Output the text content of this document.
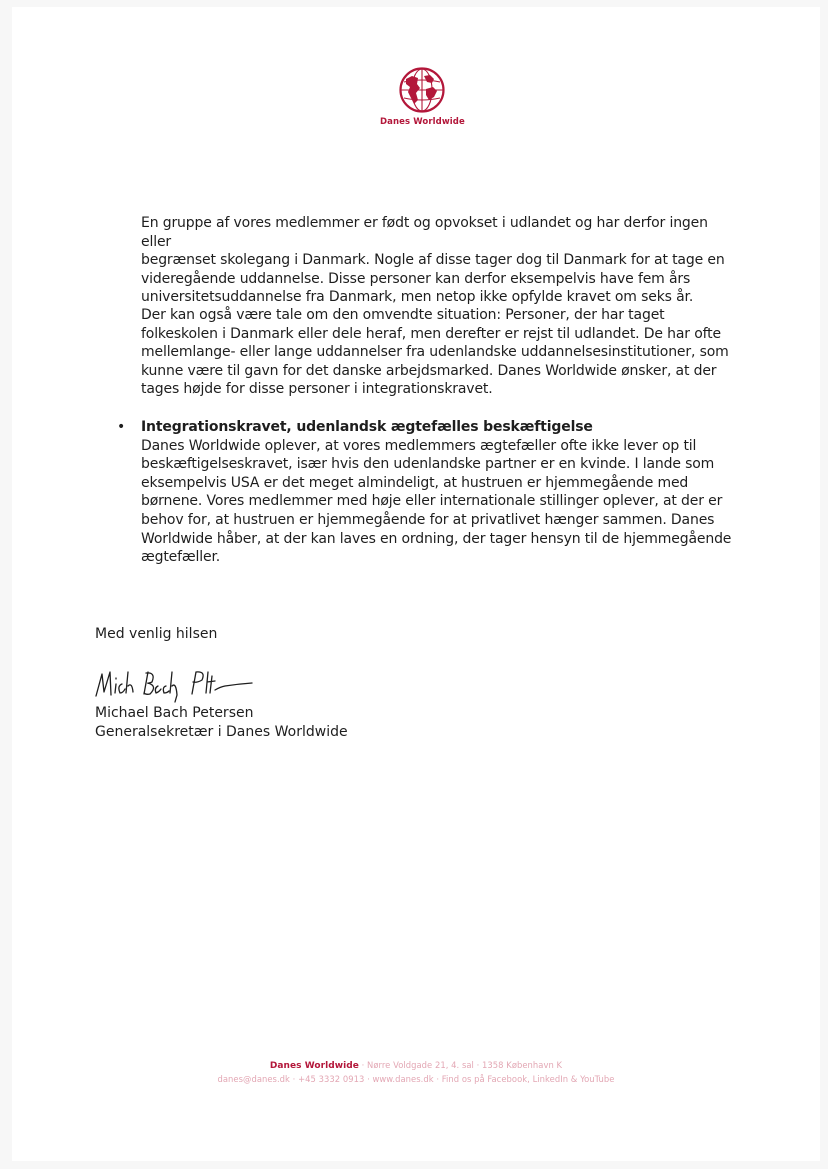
Danes Worldwide
En gruppe af vores medlemmer er født og opvokset i udlandet og har derfor ingen eller
begrænset skolegang i Danmark. Nogle af disse tager dog til Danmark for at tage en
videregående uddannelse. Disse personer kan derfor eksempelvis have fem års
universitetsuddannelse fra Danmark, men netop ikke opfylde kravet om seks år.
Der kan også være tale om den omvendte situation: Personer, der har taget
folkeskolen i Danmark eller dele heraf, men derefter er rejst til udlandet. De har ofte
mellemlange- eller lange uddannelser fra udenlandske uddannelsesinstitutioner, som
kunne være til gavn for det danske arbejdsmarked. Danes Worldwide ønsker, at der
tages højde for disse personer i integrationskravet.
• Integrationskravet, udenlandsk ægtefælles beskæftigelse
Danes Worldwide oplever, at vores medlemmers ægtefæller ofte ikke lever op til
beskæftigelseskravet, især hvis den udenlandske partner er en kvinde. I lande som
eksempelvis USA er det meget almindeligt, at hustruen er hjemmegående med
børnene. Vores medlemmer med høje eller internationale stillinger oplever, at der er
behov for, at hustruen er hjemmegående for at privatlivet hænger sammen. Danes
Worldwide håber, at der kan laves en ordning, der tager hensyn til de hjemmegående
ægtefæller.
Med venlig hilsen
Michael Bach Petersen
Generalsekretær i Danes Worldwide
Danes Worldwide · Nørre Voldgade 21, 4. sal · 1358 København K
danes@danes.dk · +45 3332 0913 · www.danes.dk · Find os på Facebook, LinkedIn & YouTube
